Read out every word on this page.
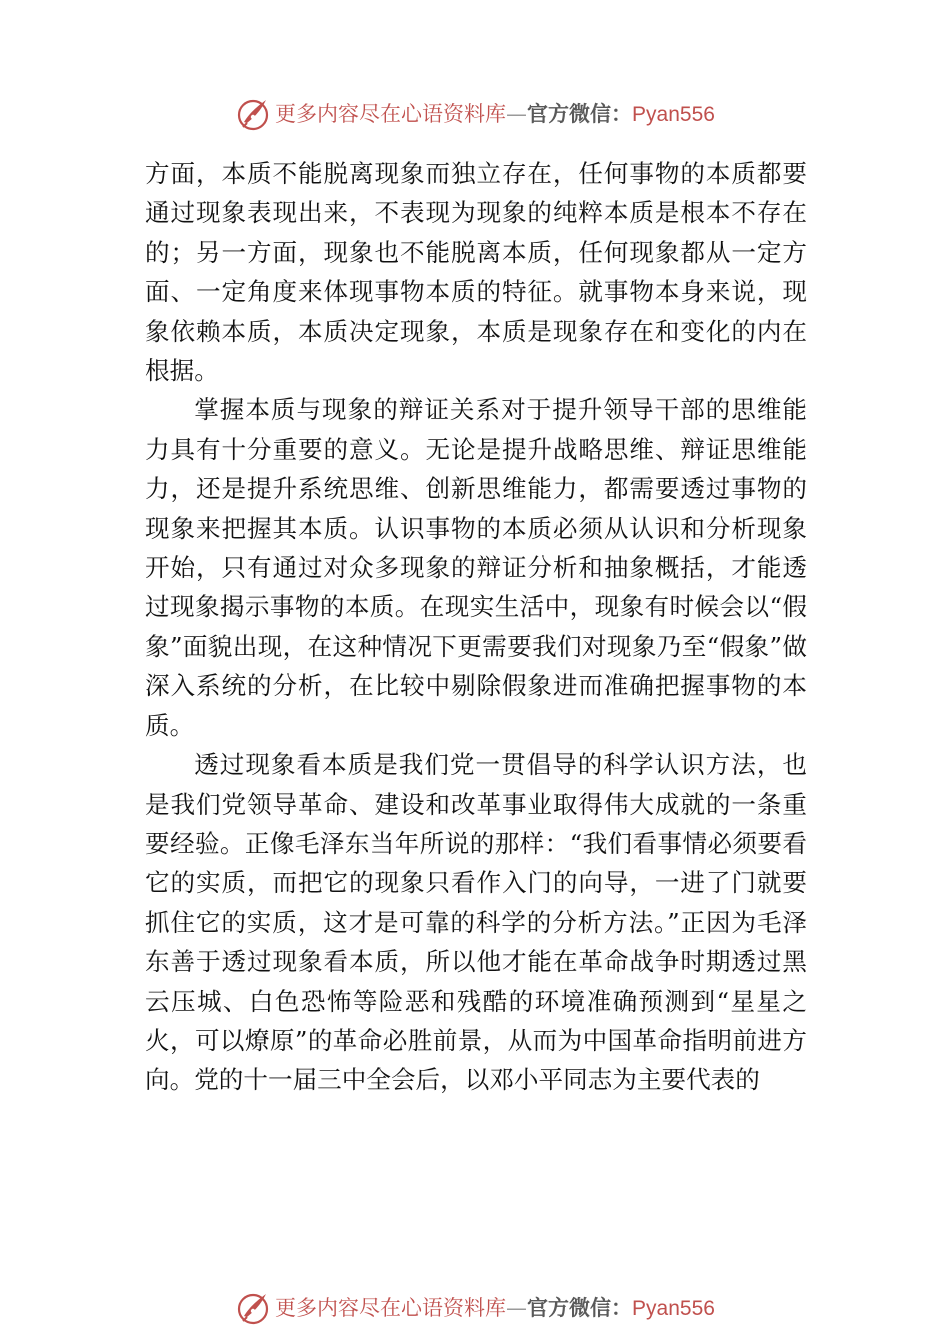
更多内容尽在心语资料库—官方微信：Pyan556

方面，本质不能脱离现象而独立存在，任何事物的本质都要通过现象表现出来，不表现为现象的纯粹本质是根本不存在的；另一方面，现象也不能脱离本质，任何现象都从一定方面、一定角度来体现事物本质的特征。就事物本身来说，现象依赖本质，本质决定现象，本质是现象存在和变化的内在根据。

掌握本质与现象的辩证关系对于提升领导干部的思维能力具有十分重要的意义。无论是提升战略思维、辩证思维能力，还是提升系统思维、创新思维能力，都需要透过事物的现象来把握其本质。认识事物的本质必须从认识和分析现象开始，只有通过对众多现象的辩证分析和抽象概括，才能透过现象揭示事物的本质。在现实生活中，现象有时候会以“假象”面貌出现，在这种情况下更需要我们对现象乃至“假象”做深入系统的分析，在比较中剔除假象进而准确把握事物的本质。

透过现象看本质是我们党一贯倡导的科学认识方法，也是我们党领导革命、建设和改革事业取得伟大成就的一条重要经验。正像毛泽东当年所说的那样：“我们看事情必须要看它的实质，而把它的现象只看作入门的向导，一进了门就要抓住它的实质，这才是可靠的科学的分析方法。”正因为毛泽东善于透过现象看本质，所以他才能在革命战争时期透过黑云压城、白色恐怖等险恶和残酷的环境准确预测到“星星之火，可以燎原”的革命必胜前景，从而为中国革命指明前进方向。党的十一届三中全会后，以邓小平同志为主要代表的

更多内容尽在心语资料库—官方微信：Pyan556
